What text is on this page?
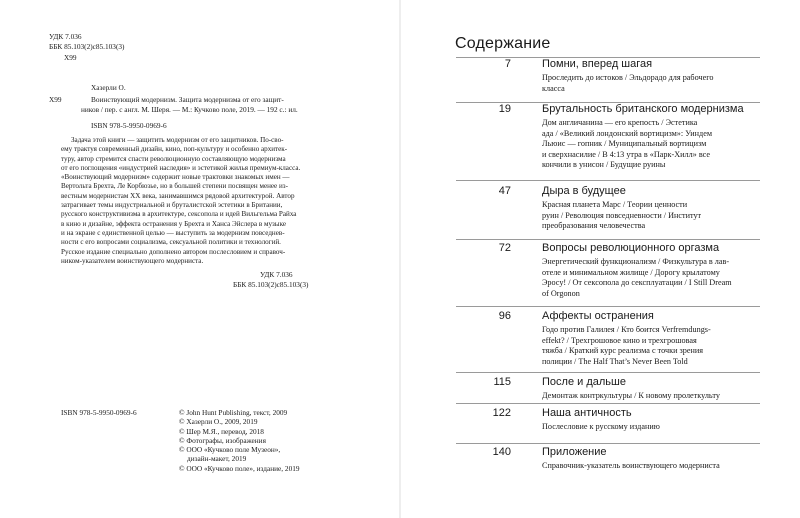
УДК 7.036
ББК 85.103(2)с85.103(3)
Х99
Хазерли О.
Х99	Воинствующий модернизм. Защита модернизма от его защит-
ников / пер. с англ. М. Шеря. — М.: Кучково поле, 2019. — 192 с.: ил.
ISBN 978-5-9950-0969-6
Задача этой книги — защитить модернизм от его защитников. По-сво-
ему трактуя современный дизайн, кино, поп-культуру и особенно архитек-
туру, автор стремится спасти революционную составляющую модернизма
от его поглощения «индустрией наследия» и эстетикой жилья премиум-класса.
«Воинствующий модернизм» содержит новые трактовки знакомых имен —
Вертольта Брехта, Ле Корбюзье, но в большей степени посвящен менее из-
вестным модернистам XX века, занимавшимся рядовой архитектурой. Автор
затрагивает темы индустриальной и бруталистской эстетики в Британии,
русского конструктивизма в архитектуре, сексопола и идей Вильгельма Райха
в кино и дизайне, эффекта остранения у Брехта и Ханса Эйслера в музыке
и на экране с единственной целью — выступить за модернизм повседнев-
ности с его вопросами социализма, сексуальной политики и технологий.
Русское издание специально дополнено автором послесловием и справоч-
ником-указателем воинствующего модерниста.
УДК 7.036
ББК 85.103(2)с85.103(3)
ISBN 978-5-9950-0969-6	© John Hunt Publishing, текст, 2009
© Хазерли О., 2009, 2019
© Шер М.Я., перевод, 2018
© Фотографы, изображения
© ООО «Кучково поле Музеон»,
дизайн-макет, 2019
© ООО «Кучково поле», издание, 2019
Содержание
7	Помни, вперед шагая
Проследить до истоков / Эльдорадо для рабочего
класса
19	Брутальность британского модернизма
Дом англичанина — его крепость / Эстетика
ада / «Великий лондонский вортицизм»: Уиндем
Льюис — гопник / Муниципальный вортицизм
и сверхнасилие / В 4:13 утра в «Парк-Хилл» все
кончили в унисон / Будущие руины
47	Дыра в будущее
Красная планета Марс / Теории ценности
руин / Революция повседневности / Институт
преобразования человечества
72	Вопросы революционного оргазма
Энергетический функционализм / Физкультура в лав-
отеле и минимальном жилище / Дорогу крылатому
Эросу! / От сексопола до сексплуатации / I Still Dream
of Orgonon
96	Аффекты остранения
Годо против Галилея / Кто боится Verfremdungs-
effekt? / Трехгрошовое кино и трехгрошовая
тяжба / Краткий курс реализма с точки зрения
полиции / The Half That’s Never Been Told
115	После и дальше
Демонтаж контркультуры / К новому пролеткульту
122	Наша античность
Послесловие к русскому изданию
140	Приложение
Справочник-указатель воинствующего модерниста
